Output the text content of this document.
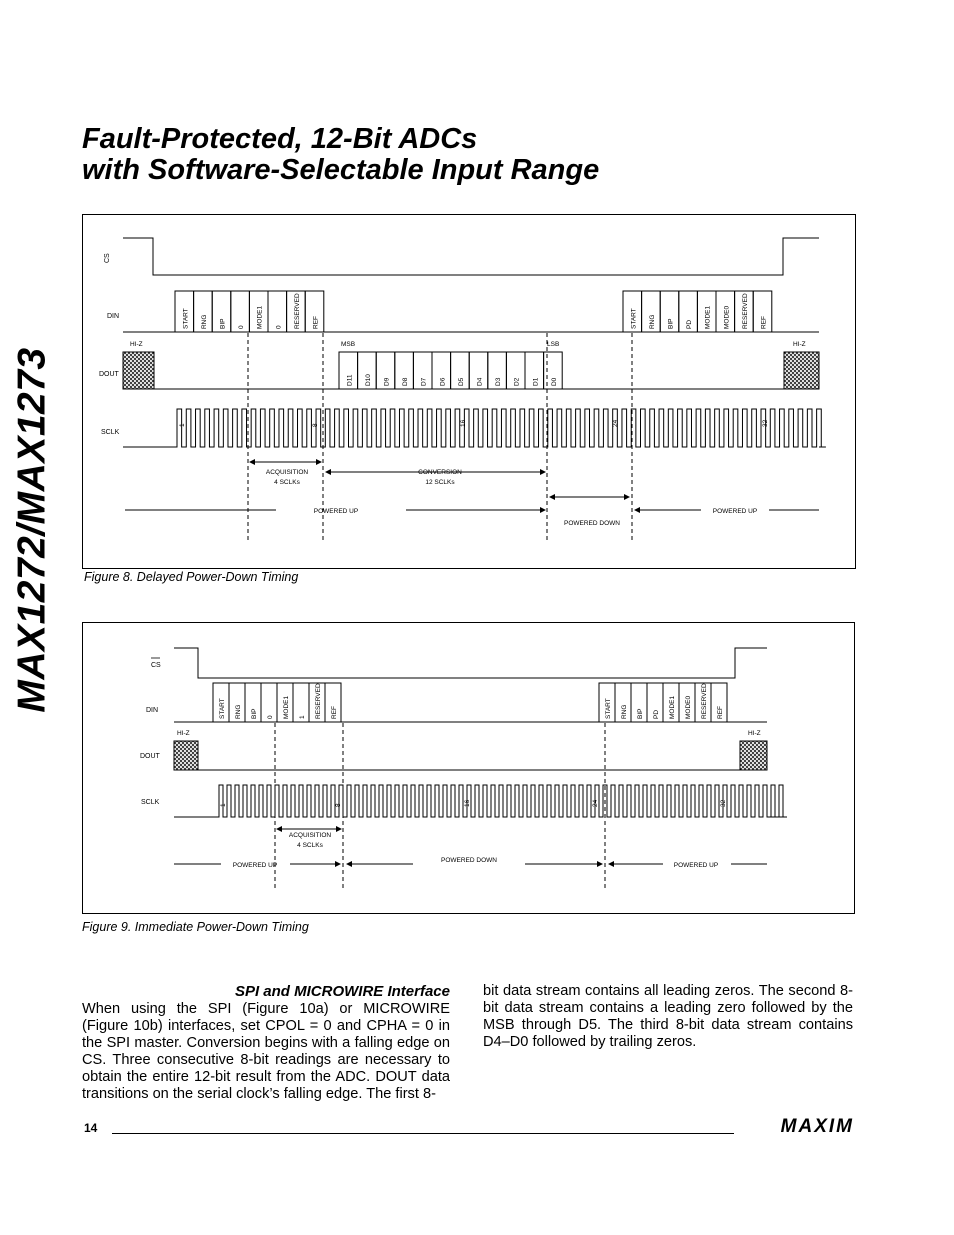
MAX1272/MAX1273
Fault-Protected, 12-Bit ADCs
with Software-Selectable Input Range
CS
DIN	START RNG BIP 0 MODE1 0 RESERVED REF	START RNG BIP PD MODE1 MODE0 RESERVED REF
DOUT
HI-Z	HI-Z
MSB	LSB
D11 D10 D9 D8 D7 D6 D5 D4 D3 D2 D1 D0
SCLK
1	8	16	24	32
ACQUISITION
4 SCLKs
CONVERSION
12 SCLKs
POWERED UP
POWERED DOWN
POWERED UP
Figure 8. Delayed Power-Down Timing
CS
DIN	START RNG BIP 0 MODE1 1 RESERVED REF	START RNG BIP PD MODE1 MODE0 RESERVED REF
DOUT
HI-Z	HI-Z
SCLK	1	8	16	24	32
ACQUISITION
4 SCLKs
POWERED UP
POWERED DOWN
POWERED UP
Figure 9. Immediate Power-Down Timing
SPI and MICROWIRE Interface

When using the SPI (Figure 10a) or MICROWIRE (Figure 10b) interfaces, set CPOL = 0 and CPHA = 0 in the SPI master. Conversion begins with a falling edge on CS. Three consecutive 8-bit readings are necessary to obtain the entire 12-bit result from the ADC. DOUT data transitions on the serial clock’s falling edge. The first 8-

bit data stream contains all leading zeros. The second 8-bit data stream contains a leading zero followed by the MSB through D5. The third 8-bit data stream contains D4–D0 followed by trailing zeros.

14	MAXIM
